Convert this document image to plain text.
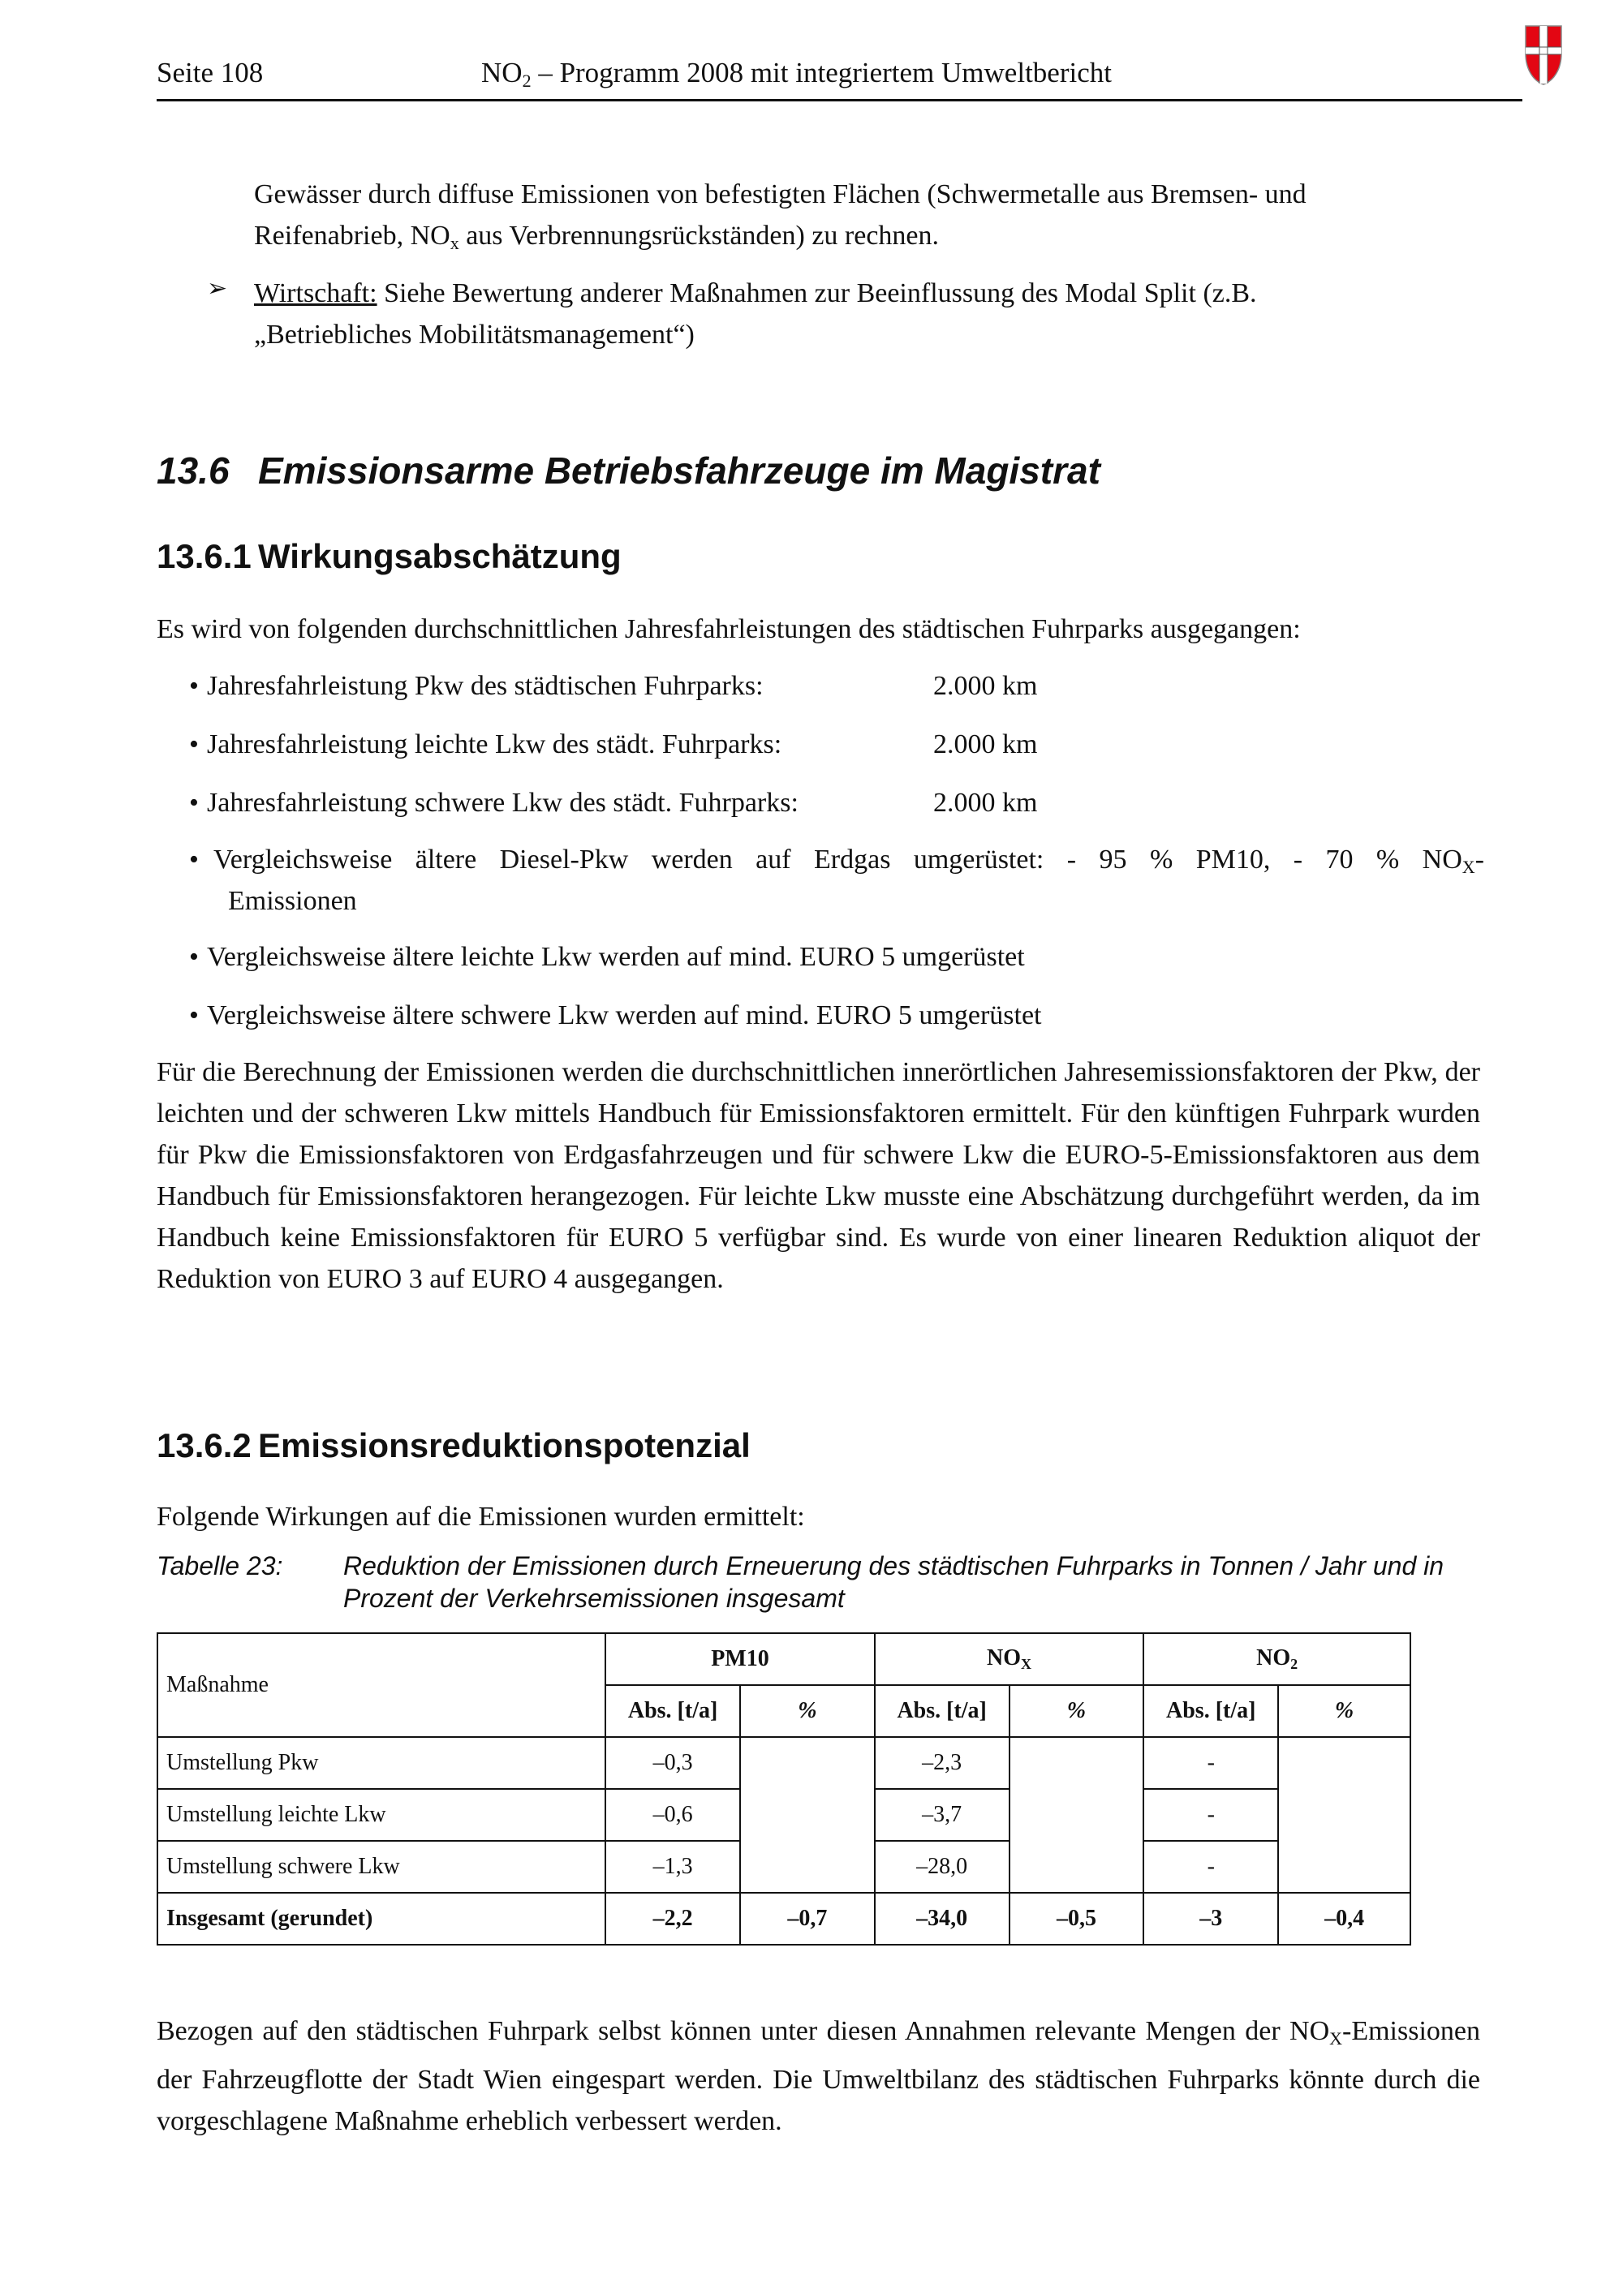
Seite 108	$NO_2$ – Programm 2008 mit integriertem Umweltbericht

Gewässer durch diffuse Emissionen von befestigten Flächen (Schwermetalle aus Bremsen- und
Reifenabrieb, $NO_x$ aus Verbrennungsrückständen) zu rechnen.

➢ Wirtschaft: Siehe Bewertung anderer Maßnahmen zur Beeinflussung des Modal Split (z.B.
„Betriebliches Mobilitätsmanagement“)

13.6 Emissionsarme Betriebsfahrzeuge im Magistrat
13.6.1 Wirkungsabschätzung

Es wird von folgenden durchschnittlichen Jahresfahrleistungen des städtischen Fuhrparks ausgegangen:

• Jahresfahrleistung Pkw des städtischen Fuhrparks:	2.000 km
• Jahresfahrleistung leichte Lkw des städt. Fuhrparks:	2.000 km
• Jahresfahrleistung schwere Lkw des städt. Fuhrparks:	2.000 km
• Vergleichsweise ältere Diesel-Pkw werden auf Erdgas umgerüstet: - 95 % PM10, - 70 % $NO_X-$
Emissionen
• Vergleichsweise ältere leichte Lkw werden auf mind. EURO 5 umgerüstet
• Vergleichsweise ältere schwere Lkw werden auf mind. EURO 5 umgerüstet

Für die Berechnung der Emissionen werden die durchschnittlichen innerörtlichen Jahresemissionsfaktoren der Pkw, der leichten und der schweren Lkw mittels Handbuch für Emissionsfaktoren ermittelt. Für den künftigen Fuhrpark wurden für Pkw die Emissionsfaktoren von Erdgasfahrzeugen und für schwere Lkw die EURO-5-Emissionsfaktoren aus dem Handbuch für Emissionsfaktoren herangezogen. Für leichte Lkw musste eine Abschätzung durchgeführt werden, da im Handbuch keine Emissionsfaktoren für EURO 5 verfügbar sind. Es wurde von einer linearen Reduktion aliquot der Reduktion von EURO 3 auf EURO 4 ausgegangen.

13.6.2 Emissionsreduktionspotenzial

Folgende Wirkungen auf die Emissionen wurden ermittelt:

Tabelle 23: Reduktion der Emissionen durch Erneuerung des städtischen Fuhrparks in Tonnen / Jahr und in Prozent der Verkehrsemissionen insgesamt
Maßnahme	PM10		$NO_X$		$NO_2$
	Abs. [t/a]	%	Abs. [t/a]	%	Abs. [t/a]	%
Umstellung Pkw	–0,3		–2,3		-	
Umstellung leichte Lkw	–0,6		–3,7		-	
Umstellung schwere Lkw	–1,3		–28,0		-	
Insgesamt (gerundet)	–2,2	–0,7	–34,0	–0,5	–3	–0,4

Bezogen auf den städtischen Fuhrpark selbst können unter diesen Annahmen relevante Mengen der $NO_X$-Emissionen der Fahrzeugflotte der Stadt Wien eingespart werden. Die Umweltbilanz des städtischen Fuhrparks könnte durch die vorgeschlagene Maßnahme erheblich verbessert werden.
